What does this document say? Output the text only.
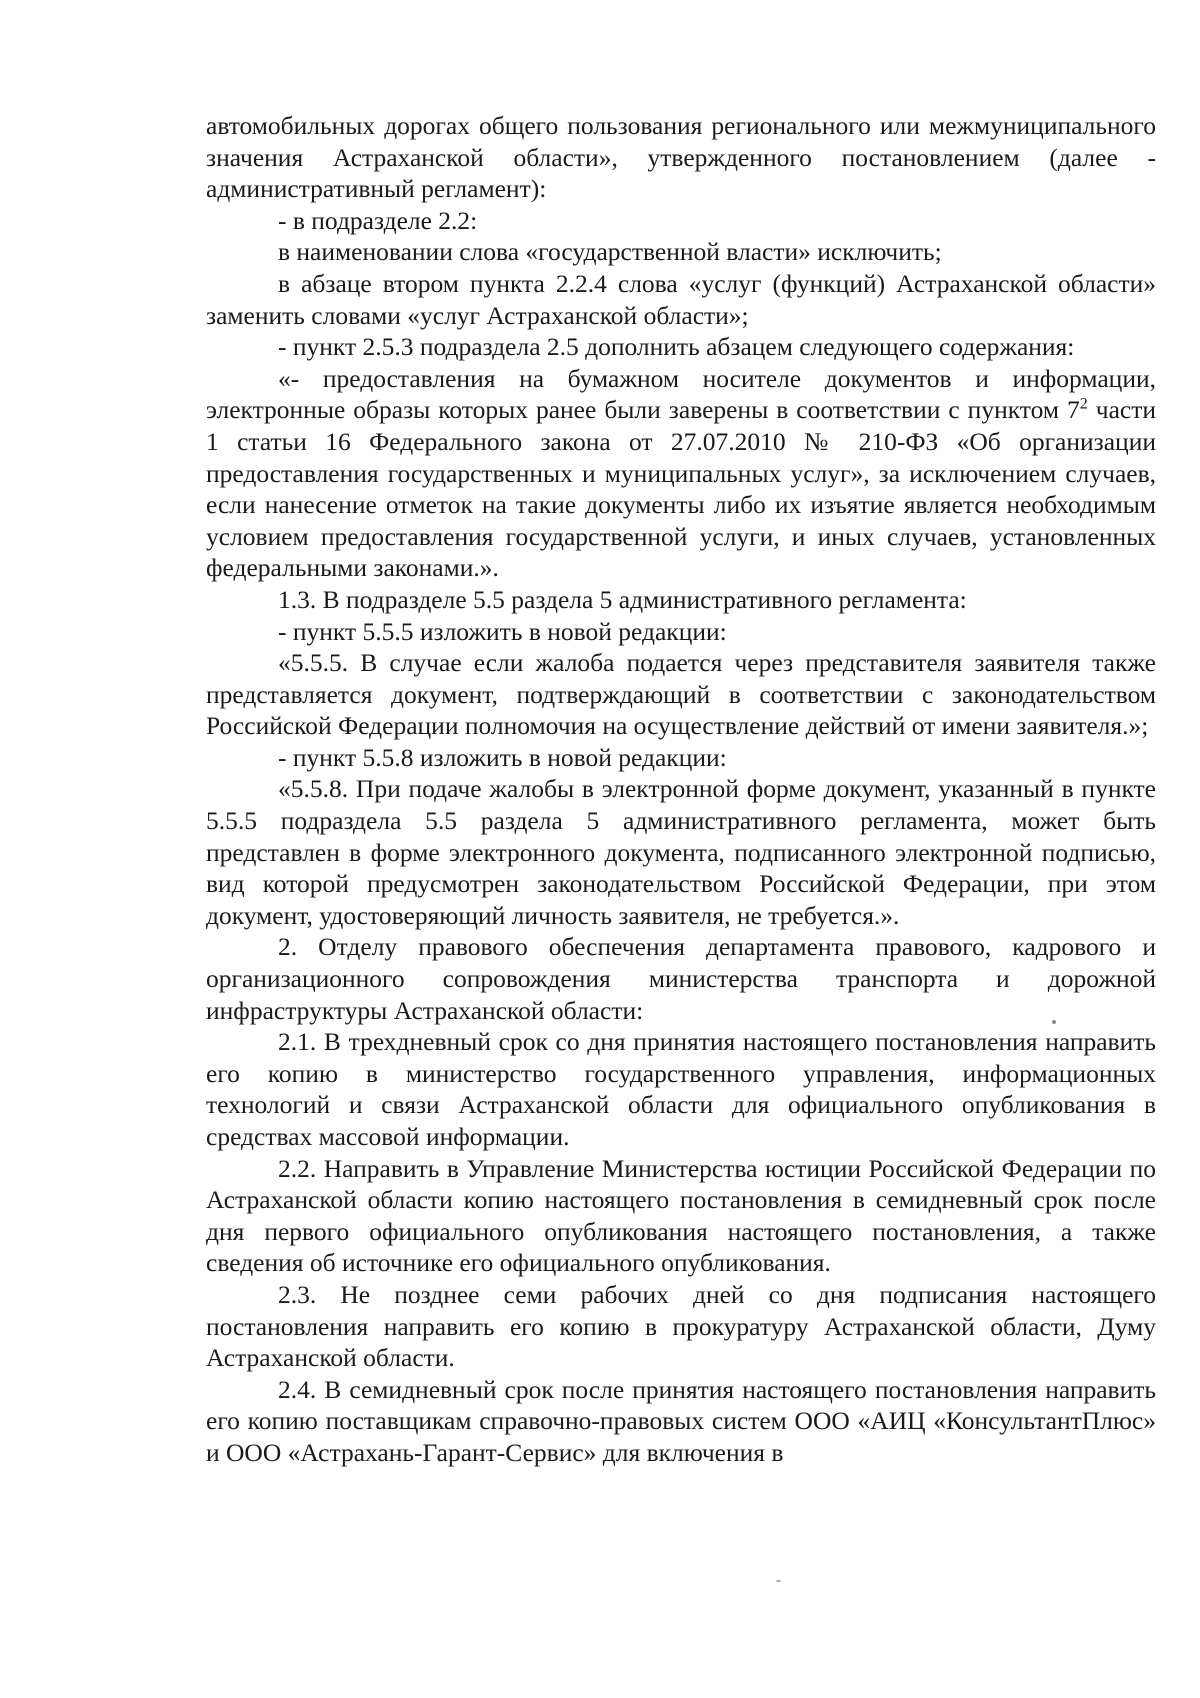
автомобильных дорогах общего пользования регионального или межмуниципального значения Астраханской области», утвержденного постановлением (далее - административный регламент):

- в подразделе 2.2:

в наименовании слова «государственной власти» исключить;

в абзаце втором пункта 2.2.4 слова «услуг (функций) Астраханской области» заменить словами «услуг Астраханской области»;

- пункт 2.5.3 подраздела 2.5 дополнить абзацем следующего содержания:

«- предоставления на бумажном носителе документов и информации, электронные образы которых ранее были заверены в соответствии с пунктом $7^2$ части 1 статьи 16 Федерального закона от 27.07.2010 № 210-ФЗ «Об организации предоставления государственных и муниципальных услуг», за исключением случаев, если нанесение отметок на такие документы либо их изъятие является необходимым условием предоставления государственной услуги, и иных случаев, установленных федеральными законами.».

1.3. В подразделе 5.5 раздела 5 административного регламента:

- пункт 5.5.5 изложить в новой редакции:

«5.5.5. В случае если жалоба подается через представителя заявителя также представляется документ, подтверждающий в соответствии с законодательством Российской Федерации полномочия на осуществление действий от имени заявителя.»;

- пункт 5.5.8 изложить в новой редакции:

«5.5.8. При подаче жалобы в электронной форме документ, указанный в пункте 5.5.5 подраздела 5.5 раздела 5 административного регламента, может быть представлен в форме электронного документа, подписанного электронной подписью, вид которой предусмотрен законодательством Российской Федерации, при этом документ, удостоверяющий личность заявителя, не требуется.».

2. Отделу правового обеспечения департамента правового, кадрового и организационного сопровождения министерства транспорта и дорожной инфраструктуры Астраханской области:

2.1. В трехдневный срок со дня принятия настоящего постановления направить его копию в министерство государственного управления, информационных технологий и связи Астраханской области для официального опубликования в средствах массовой информации.

2.2. Направить в Управление Министерства юстиции Российской Федерации по Астраханской области копию настоящего постановления в семидневный срок после дня первого официального опубликования настоящего постановления, а также сведения об источнике его официального опубликования.

2.3. Не позднее семи рабочих дней со дня подписания настоящего постановления направить его копию в прокуратуру Астраханской области, Думу Астраханской области.

2.4. В семидневный срок после принятия настоящего постановления направить его копию поставщикам справочно-правовых систем ООО «АИЦ «КонсультантПлюс» и ООО «Астрахань-Гарант-Сервис» для включения в
